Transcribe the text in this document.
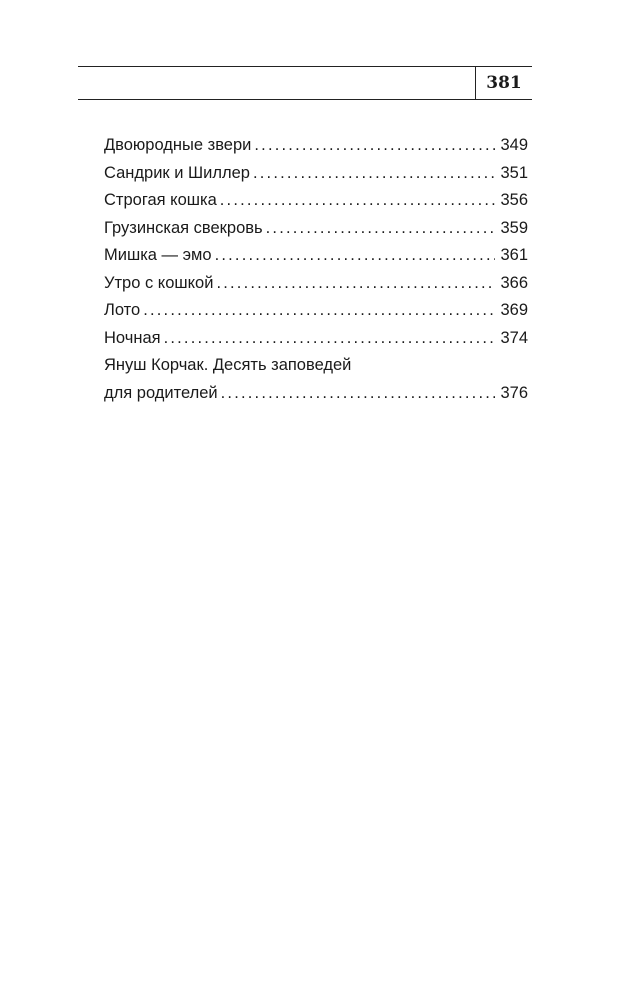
381
Двоюродные звери .....	349
Сандрик и Шиллер .....	351
Строгая кошка .....	356
Грузинская свекровь .....	359
Мишка — эмо .....	361
Утро с кошкой .....	366
Лото .....	369
Ночная .....	374
Януш Корчак. Десять заповедей
для родителей .....	376
